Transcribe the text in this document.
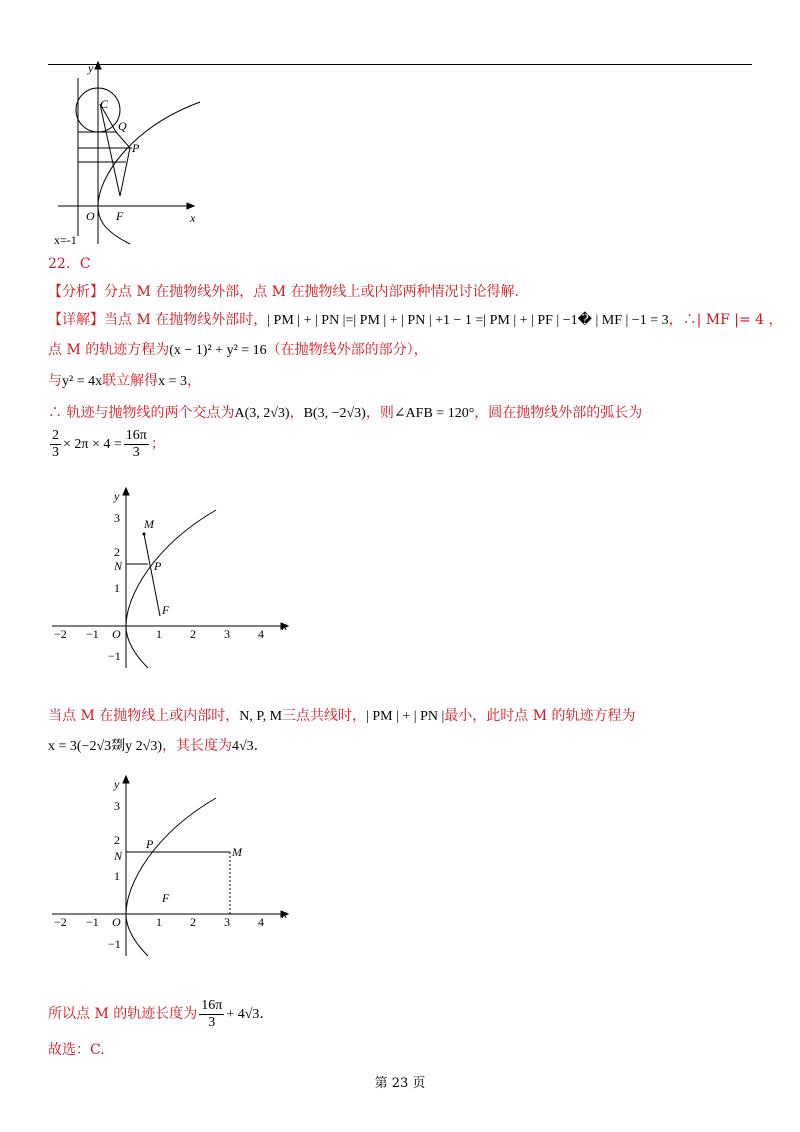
y
x
O F
C
Q
P
x=-1
22．C
【分析】分点 M 在抛物线外部，点 M 在抛物线上或内部两种情况讨论得解.
【详解】当点 M 在抛物线外部时，| PM | + | PN |=| PM | + | PN | +1 − 1 =| PM | + | PF | −1� | MF | −1 = 3，∴| MF |= 4 ，
点 M 的轨迹方程为(x − 1)² + y² = 16（在抛物线外部的部分），
与y² = 4x联立解得x = 3，
∴ 轨迹与抛物线的两个交点为A(3, 2√3)，B(3, −2√3)，则∠AFB = 120°，圆在抛物线外部的弧长为
$\frac{2}{3} \times 2\pi \times 4 = \frac{16\pi}{3}$ ；
y
x
O
−2 −1	1 2 3 4
3
2
1
−1
M
N	P
F
当点 M 在抛物线上或内部时，N, P, M三点共线时，| PM | + | PN |最小，此时点 M 的轨迹方程为
x = 3(−2√3剟y 2√3)，其长度为4√3.
y
x
O
−2 −1	1 2 3 4
3
2
1
−1
M
N
P
F
所以点 M 的轨迹长度为 $\frac{16\pi}{3} + 4√3$.
故选：C.
第 23 页
